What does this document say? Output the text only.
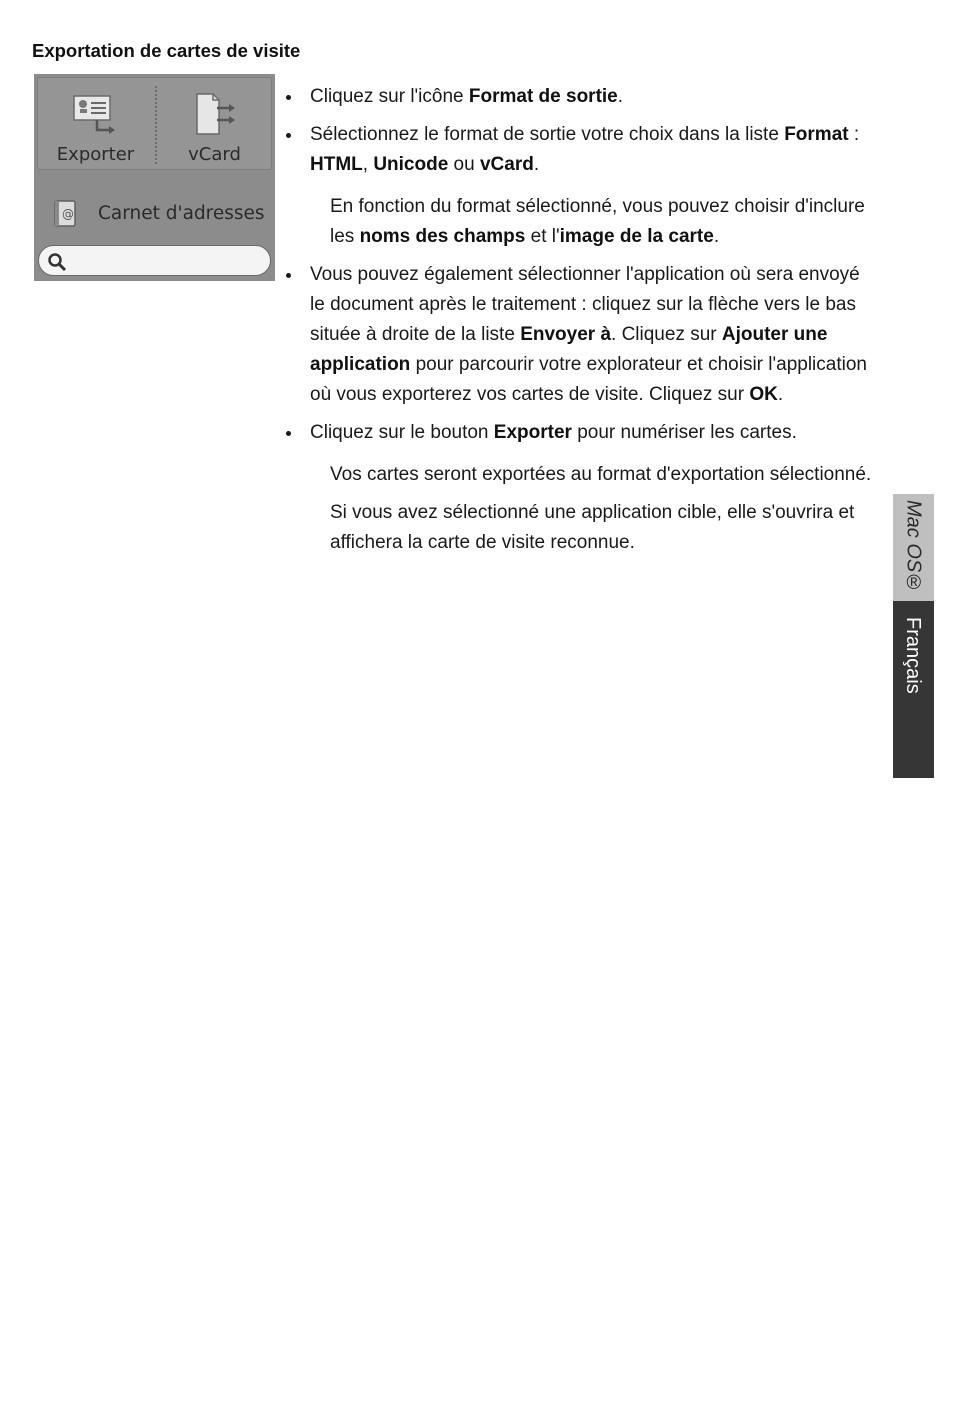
Exportation de cartes de visite
Exporter	vCard
@ Carnet d'adresses
Cliquez sur l'icône Format de sortie.
Sélectionnez le format de sortie votre choix dans la liste Format : HTML, Unicode ou vCard.
En fonction du format sélectionné, vous pouvez choisir d'inclure les noms des champs et l'image de la carte.
Vous pouvez également sélectionner l'application où sera envoyé le document après le traitement : cliquez sur la flèche vers le bas située à droite de la liste Envoyer à. Cliquez sur Ajouter une application pour parcourir votre explorateur et choisir l'application où vous exporterez vos cartes de visite. Cliquez sur OK.
Cliquez sur le bouton Exporter pour numériser les cartes.
Vos cartes seront exportées au format d'exportation sélectionné.
Si vous avez sélectionné une application cible, elle s'ouvrira et affichera la carte de visite reconnue.	Mac OS®
Français
